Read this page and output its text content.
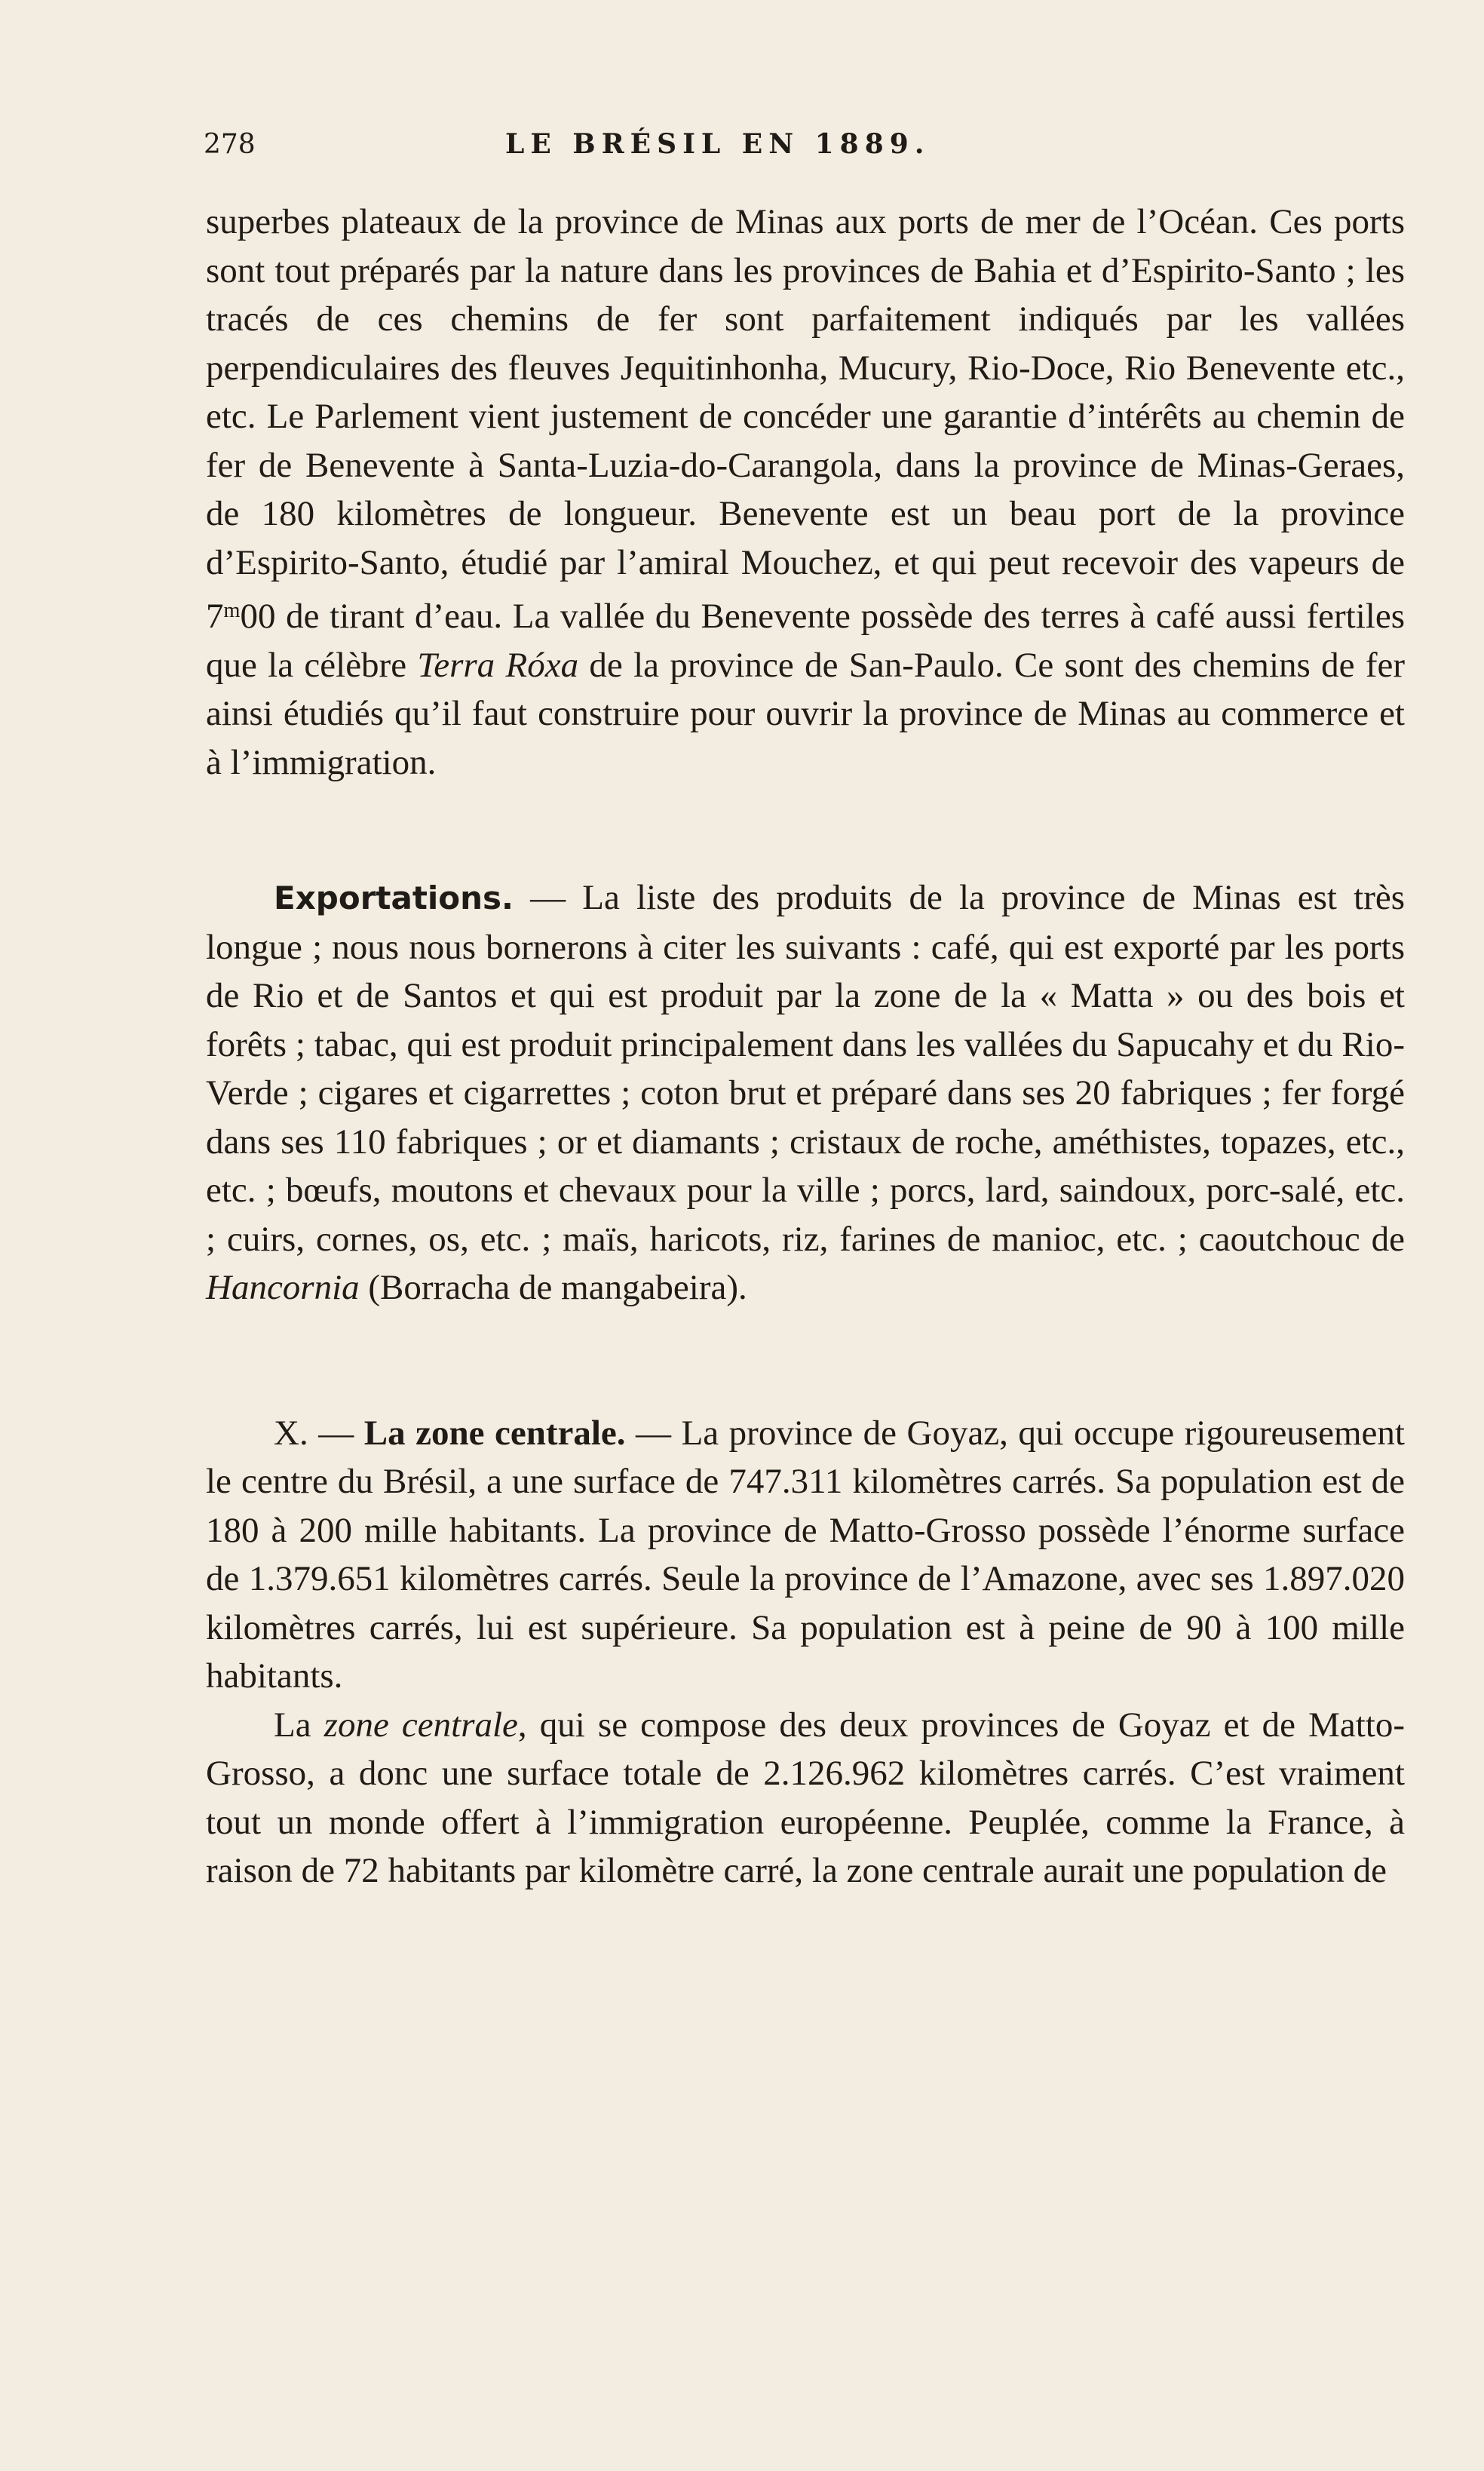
278	LE BRÉSIL EN 1889.

superbes plateaux de la province de Minas aux ports de mer de l’Océan. Ces ports sont tout préparés par la nature dans les provinces de Bahia et d’Espirito-Santo ; les tracés de ces chemins de fer sont parfaitement indiqués par les vallées perpendiculaires des fleuves Jequitinhonha, Mucury, Rio-Doce, Rio Benevente etc., etc. Le Parlement vient justement de concéder une garantie d’intérêts au chemin de fer de Benevente à Santa-Luzia-do-Carangola, dans la province de Minas-Geraes, de 180 kilomètres de longueur. Benevente est un beau port de la province d’Espirito-Santo, étudié par l’amiral Mouchez, et qui peut recevoir des vapeurs de 7$^m$00 de tirant d’eau. La vallée du Benevente possède des terres à café aussi fertiles que la célèbre Terra Róxa de la province de San-Paulo. Ce sont des chemins de fer ainsi étudiés qu’il faut construire pour ouvrir la province de Minas au commerce et à l’immigration.

Exportations. — La liste des produits de la province de Minas est très longue ; nous nous bornerons à citer les suivants : café, qui est exporté par les ports de Rio et de Santos et qui est produit par la zone de la « Matta » ou des bois et forêts ; tabac, qui est produit principalement dans les vallées du Sapucahy et du Rio-Verde ; cigares et cigarrettes ; coton brut et préparé dans ses 20 fabriques ; fer forgé dans ses 110 fabriques ; or et diamants ; cristaux de roche, améthistes, topazes, etc., etc. ; bœufs, moutons et chevaux pour la ville ; porcs, lard, saindoux, porc-salé, etc. ; cuirs, cornes, os, etc. ; maïs, haricots, riz, farines de manioc, etc. ; caoutchouc de Hancornia (Borracha de mangabeira).

X. — La zone centrale. — La province de Goyaz, qui occupe rigoureusement le centre du Brésil, a une surface de 747.311 kilomètres carrés. Sa population est de 180 à 200 mille habitants. La province de Matto-Grosso possède l’énorme surface de 1.379.651 kilomètres carrés. Seule la province de l’Amazone, avec ses 1.897.020 kilomètres carrés, lui est supérieure. Sa population est à peine de 90 à 100 mille habitants.

La zone centrale, qui se compose des deux provinces de Goyaz et de Matto-Grosso, a donc une surface totale de 2.126.962 kilomètres carrés. C’est vraiment tout un monde offert à l’immigration européenne. Peuplée, comme la France, à raison de 72 habitants par kilomètre carré, la zone centrale aurait une population de
